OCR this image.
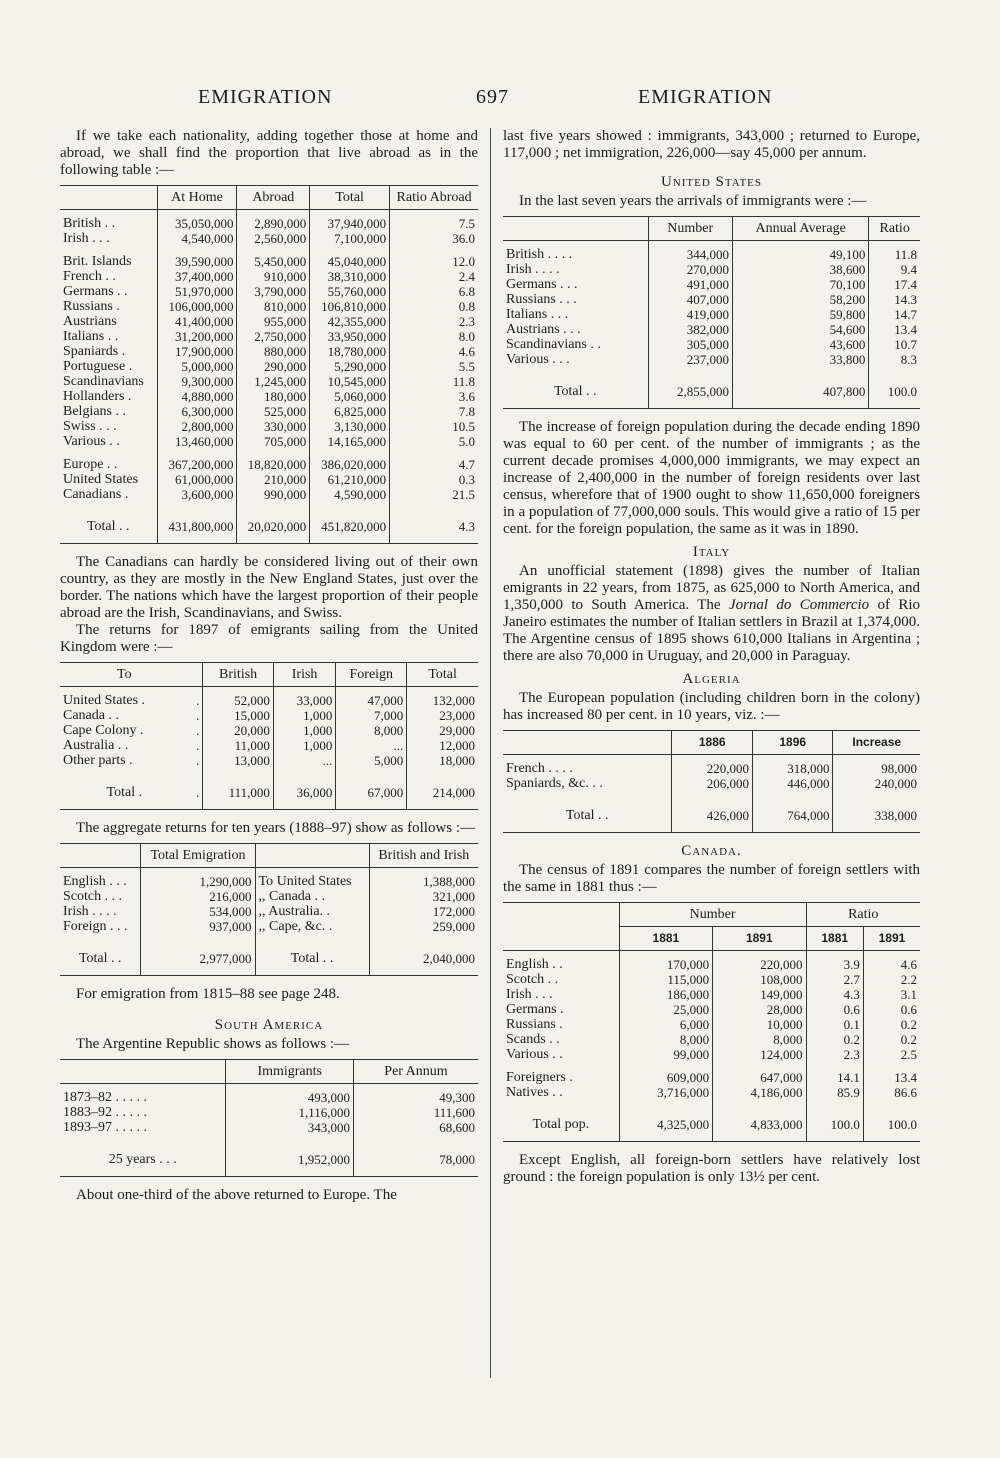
EMIGRATION	697	EMIGRATION

If we take each nationality, adding together those at home and abroad, we shall find the proportion that live abroad as in the following table :—

	At Home	Abroad	Total	Ratio Abroad
British . .	35,050,000	2,890,000	37,940,000	7.5
Irish . . .	4,540,000	2,560,000	7,100,000	36.0

Brit. Islands	39,590,000	5,450,000	45,040,000	12.0
French . .	37,400,000	910,000	38,310,000	2.4
Germans . .	51,970,000	3,790,000	55,760,000	6.8
Russians .	106,000,000	810,000	106,810,000	0.8
Austrians	41,400,000	955,000	42,355,000	2.3
Italians . .	31,200,000	2,750,000	33,950,000	8.0
Spaniards .	17,900,000	880,000	18,780,000	4.6
Portuguese .	5,000,000	290,000	5,290,000	5.5
Scandinavians	9,300,000	1,245,000	10,545,000	11.8
Hollanders .	4,880,000	180,000	5,060,000	3.6
Belgians . .	6,300,000	525,000	6,825,000	7.8
Swiss . . .	2,800,000	330,000	3,130,000	10.5
Various . .	13,460,000	705,000	14,165,000	5.0

Europe . .	367,200,000	18,820,000	386,020,000	4.7
United States	61,000,000	210,000	61,210,000	0.3
Canadians .	3,600,000	990,000	4,590,000	21.5

Total . .	431,800,000	20,020,000	451,820,000	4.3

The Canadians can hardly be considered living out of their own country, as they are mostly in the New England States, just over the border. The nations which have the largest proportion of their people abroad are the Irish, Scandinavians, and Swiss.

The returns for 1897 of emigrants sailing from the United Kingdom were :—

To		British	Irish	Foreign	Total
United States .	.	52,000	33,000	47,000	132,000
Canada . .	.	15,000	1,000	7,000	23,000
Cape Colony .	.	20,000	1,000	8,000	29,000
Australia . .	.	11,000	1,000	...	12,000
Other parts .	.	13,000	...	5,000	18,000

Total .	.	111,000	36,000	67,000	214,000

The aggregate returns for ten years (1888–97) show as follows :—

	Total Emigration		British and Irish
English . . .	1,290,000	To United States	1,388,000
Scotch . . .	216,000	,, Canada . .	321,000
Irish . . . .	534,000	,, Australia. .	172,000
Foreign . . .	937,000	,, Cape, &c. .	259,000

Total . .	2,977,000	Total . .	2,040,000

For emigration from 1815–88 see page 248.

South America

The Argentine Republic shows as follows :—

	Immigrants	Per Annum
1873–82 . . . . .	493,000	49,300
1883–92 . . . . .	1,116,000	111,600
1893–97 . . . . .	343,000	68,600

25 years . . .	1,952,000	78,000

About one-third of the above returned to Europe. The

last five years showed : immigrants, 343,000 ; returned to Europe, 117,000 ; net immigration, 226,000—say 45,000 per annum.

United States

In the last seven years the arrivals of immigrants were :—

	Number	Annual Average	Ratio
British . . . .	344,000	49,100	11.8
Irish . . . .	270,000	38,600	9.4
Germans . . .	491,000	70,100	17.4
Russians . . .	407,000	58,200	14.3
Italians . . .	419,000	59,800	14.7
Austrians . . .	382,000	54,600	13.4
Scandinavians . .	305,000	43,600	10.7
Various . . .	237,000	33,800	8.3

Total . .	2,855,000	407,800	100.0

The increase of foreign population during the decade ending 1890 was equal to 60 per cent. of the number of immigrants ; as the current decade promises 4,000,000 immigrants, we may expect an increase of 2,400,000 in the number of foreign residents over last census, wherefore that of 1900 ought to show 11,650,000 foreigners in a population of 77,000,000 souls. This would give a ratio of 15 per cent. for the foreign population, the same as it was in 1890.

Italy

An unofficial statement (1898) gives the number of Italian emigrants in 22 years, from 1875, as 625,000 to North America, and 1,350,000 to South America. The Jornal do Commercio of Rio Janeiro estimates the number of Italian settlers in Brazil at 1,374,000. The Argentine census of 1895 shows 610,000 Italians in Argentina ; there are also 70,000 in Uruguay, and 20,000 in Paraguay.

Algeria

The European population (including children born in the colony) has increased 80 per cent. in 10 years, viz. :—

	1886	1896	Increase
French . . . .	220,000	318,000	98,000
Spaniards, &c. . .	206,000	446,000	240,000

Total . .	426,000	764,000	338,000
Canada.

The census of 1891 compares the number of foreign settlers with the same in 1881 thus :—

	Number		Ratio	
	1881	1891	1881	1891
English . .	170,000	220,000	3.9	4.6
Scotch . .	115,000	108,000	2.7	2.2
Irish . . .	186,000	149,000	4.3	3.1
Germans .	25,000	28,000	0.6	0.6
Russians .	6,000	10,000	0.1	0.2
Scands . .	8,000	8,000	0.2	0.2
Various . .	99,000	124,000	2.3	2.5

Foreigners .	609,000	647,000	14.1	13.4
Natives . .	3,716,000	4,186,000	85.9	86.6

Total pop.	4,325,000	4,833,000	100.0	100.0

Except English, all foreign-born settlers have relatively lost ground : the foreign population is only 13½ per cent.
